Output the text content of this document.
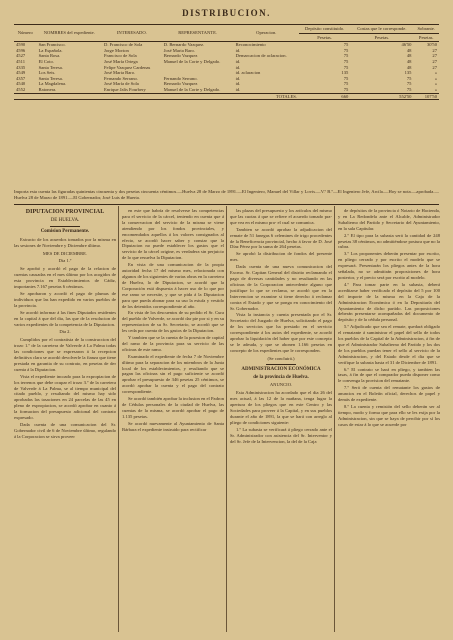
DISTRIBUCION.
Número	NOMBRES del expediente.	INTERESADO.	REPRESENTANTE.	Operacion.	Depósito constituido.	Costas que le corresponde.	Sobrante.
					Pesetas.	Pesetas.	Pesetas.
4590	San Francisco.	D. Francisco de Sola	D. Bernardo Vazquez.	Reconocimiento	75	46'50	30'50
4596	La Española.	Jorge Morton	José Maria Baro.	id.	75	48	27
4527	Santa Rosa.	Francisco de Sola	Bernardo Vazquez	Demarcacion de aclaracion.	75	48	27
4511	El Coto.	José María Ortega	Manuel de la Corte y Delgado.	id.	75	48	27
4335	Santa Teresa.	Felipe Vazquez Cardenas		id.	75	48	27
4549	Los Seis.	José Maria Baro.		id. aclaracion	135	135	»
4357	Santa Teresa.	Fernando Serrano.	Fernando Serrano.	id.	75	75	»
4540	La Magdalena.	José María de Sola	Bernardo Vazquez	id.	75	75	»
4552	Ratonera.	Enrique Jalis Fourbery	Manuel de la Corte y Delgado.	id.	75	75	»
TOTALES.					660	552'50	107'50
Importa esta cuenta las figuradas quinientas cincuenta y dos pesetas cincuenta céntimos.—Huelva 28 de Marzo de 1891.—El Ingeniero, Manuel del Villar y Lovis.—V.º B.º—El Ingeniero Jefe, Arcila.—Hoy se nota.—aprobada.—Huelva 28 de Marzo de 1891.—El Gobernador, José Luis de Huerta.

DIPUTACION PROVINCIAL

DE HUELVA.

Comision Permanente.

Extracto de los acuerdos tomados por la misma en las sesiones de Noviembre y Diciembre último.

MES DE DICIEMBRE.

Dia 1.º

Se aprobó y acordó el pago de la relacion de cuentas causadas en el mes último por los acogidos de esta provincia en Establecimientos de Cádiz, importantes 7.167 pesetas 6 céntimos.

Se aprobaron y acordó el pago de plumas de individuos que las han expedido en varios pueblos de la provincia.

Se acordó informar á las fines Diputados residentes en la capital á que del dia, las que de la resolucion de varios expedientes de la competencia de la Diputacion.

Dia 2.

Cumplidos por el contratista de la construccion del trozo 1.º de la carretera de Valverde á La Palma todas las condiciones que se expresaron á la recepcion definitiva clara se acordó devolverle la fianza que tiene prestada en garantia de su contrato, en pesetas de der cuenta á la Diputacion.

Vista el expediente incoado para la expropiacion de los terrenos que debe ocupar el trozo 3.º de la carretera de Valverde á La Palma, se al tiempo municipal del citado pueblo, y resultando del mismo hay sido aprobadas las tasaciones en 24 parcelas de las 45 en pleno de expropiacion, se acordó aprobar en cuanto á la formacion del presupuesto adicional del contrato expresado.

Dada cuenta de una comunicacion del Sr. Gobernador civil de 6 de Noviembre último, regulando á la Corporacion se sirva proveer

en este que habría de resolverse las competencias para el servicio de la cárcel, teniendo en cuenta que á la conservacion del servicio de la misma se viene atendiendo por los fondos provinciales, y encomendados aquellos á los valores consignados al efecto, se acordó hacer saber y constar que la Diputacion no puede establecer los gastos que el servicio de la cárcel origine, es verdadera sin perjuicio de lo que resuelva la Diputacion.

En vista de una comunicacion de la propia autoridad fecha 17 del mismo mes, relacionada con algunos de los siguientes de varias obras en la carretera de Huelva, lo de Diputacion, se acordó que la Corporación está dispuesta á hacer uso de lo que por ese ramo se necesite, y que se pida á la Diputacion para que pueda abonar para su uso la estufa y vestido de los detenidos correspondiente al año.

En vista de los descuentos de su pedido el Sr. Cura del pueblo de Valverde, se acordó dar pie por si y en su representacion de su Sr. Secretario, se acordó que se les ceda por cuenta de los gastos de la Diputacion.

Y tambien que se la cuenta de la posesion de capital del ramo de la provincia para su servicio de las oficinas de este ramo.

Examinado el expediente de fecha 7 de Noviembre último para la separacion de los miembros de la Junta local de los establecimientos, y resultando que se pagan las oficinas sin el pago suficiente se acordó aprobar el presupuesto de 346 pesetas 25 céntimos, se acordó aprobar la cuenta y el pago del contrato correspondiente.

Se acordó también aprobar la inclusion en el Padron de Cédulas personales de la ciudad de Huelva, las cuentas de la misma, se acordó aprobar el pago de 1.135 pesetas.

Se acordó nuevamente al Ayuntamiento de Santa Bárbara el expediente instruido para rectificar

las plazas del presupuesto y los artículos del mismo que las cuotas á que se refiere el acuerdo tomado pra- que vea en el mismo pra- el cual se comunica.

Tambien se acordó aprobar la adjudicacion del remate de 51 fanegas 6 celemines de trigo procedentes de la Beneficencia provincial, hecho á favor de D. José Díaz Pérez por la suma de 264 pesetas.

Se aprobó la distribucion de fondos del presente mes.

Dada cuenta de una nueva comunicacion del Excmo. Sr. Capitan General del distrito reclamando el pago de diversas cantidades y no resultando en las oficinas de la Corporacion antecedente alguno que justifique lo que se reclama, se acordó que en la Intervencion se examine si tiene derecho á reclamar contra el Estado y que se ponga en conocimiento del Sr. Gobernador.

Vista la instancia y cuenta presentada por el Sr. Secretario del Juzgado de Huelva, solicitando el pago de los servicios que ha prestado en el servicio correspondiente á los autos del expediente, se acordó aprobar la liquidación del haber que por este concepto se le adeuda, y que se abonen 1.166 pesetas en concepto de los expedientes que le corresponden.

(Se concluirá.)

ADMINISTRACION ECONÓMICA

de la provincia de Huelva.

ANUNCIO.

Esta Administracion ha acordado que el dia 26 del mes actual, á las 12 de la mañana, tenga lugar la apertura de los pliegos que en este Centro y las Sociedades para proveer á la Capital, y en sus pueblos durante el año de 1891, la que se hará con arreglo al pliego de condiciones siguiente:

1.º La subasta se verificará á pliego cerrado ante el Sr. Administrador con asistencia del Sr. Interventor y del Sr. Jefe de la Intervencion, la del de la Caja

de depósitos de la provincia ó Notario de Hacienda, y en La Redondela ante el Alcalde, Administrador Subalterno del Partido y Secretario del Ayuntamiento, en la sala Capitular.

2.º El tipo para la subasta será la cantidad de 248 pesetas 38 céntimos, no admitiéndose postura que no la cubra.

3.º Los proponentes deberán presentar por escrito, en pliego cerrado y por escrito el modelo que se expresará. Presentarán los pliegos antes de la hora señalada, no se admitirán proposiciones de hora posterior, y el precio será por escrito al modelo.

4.º Para tomar parte en la subasta, deberá acreditarse haber verificado el depósito del 5 por 100 del importe de la misma en la Caja de la Administracion Económica ó en la Depositaría del Ayuntamiento de dicho partido. Las proposiciones deberán presentarse acompañadas del documento de depósito y de la cédula personal.

5.º Adjudicado que sea el remate, quedará obligado el rematante á suministrar el papel del sello de todos los pueblos de la Capital de la Administracion, á fin de que el Administrador Subalterno del Partido y los dos de los pueblos puedan tener el sello al servicio de la Administracion, y del Estado desde el dia que se verifique la subasta hasta el 31 de Diciembre de 1891.

6.º El contrato se hará en pliego, y tambien las tasas, á fin de que el comprador pueda disponer como le convenga la provision del rematante.

7.º Será de cuenta del rematante los gastos de anuncios en el Boletín oficial, derechos de papel y demás de expediente.

8.º La cuenta y remisión del sello deberán ser al tiempo, modo y forma que para ello se les exija por la Administracion, sin que se haya de percibir por sí los casos de estar á lo que se acuerde por
